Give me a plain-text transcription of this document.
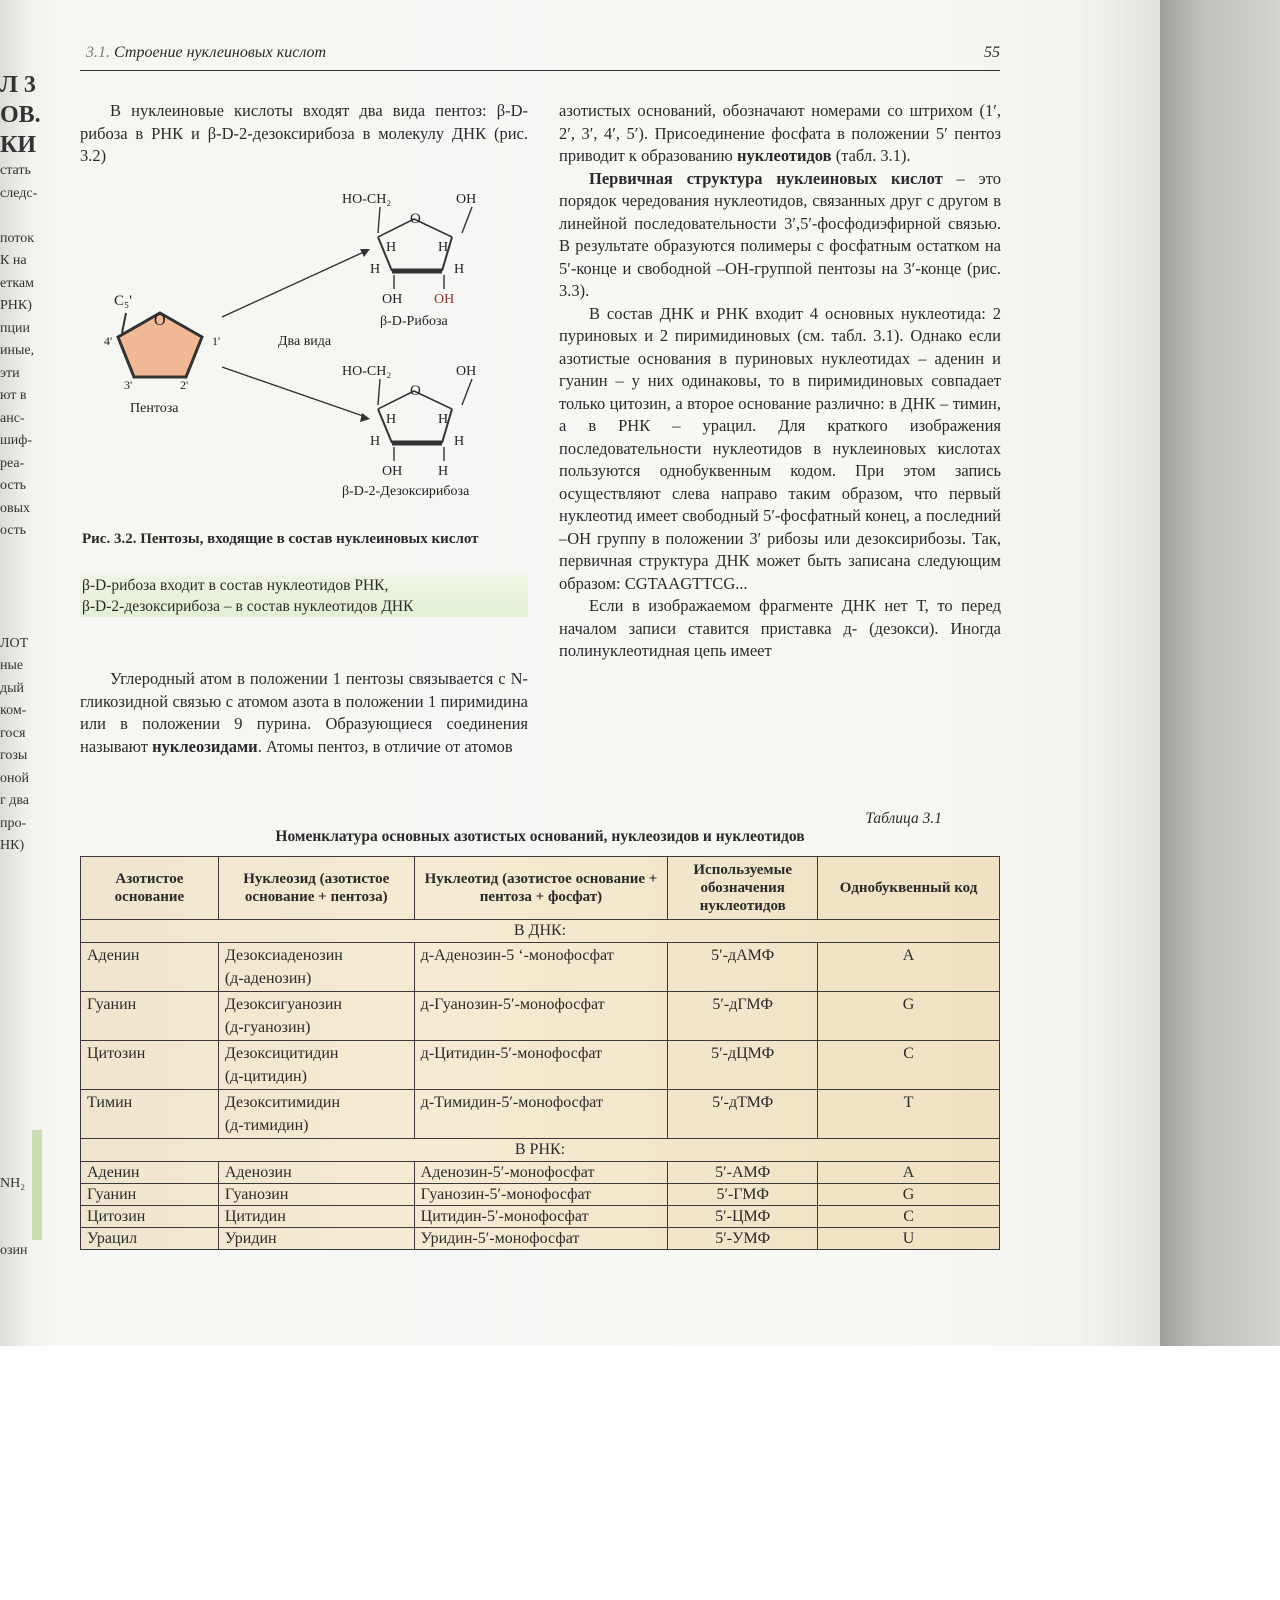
Л 3
ОВ.
КИ
стать
следс-

поток
К на
еткам
РНК)
пции
иные,
эти
ют в
анс-
шиф-
реа-
ость
овых
ость

ЛОТ
ные
дый
ком-
гося
гозы
оной
г два
про-
НК)

NH₂

озин
3.1. Строение нуклеиновых кислот	55

В нуклеиновые кислоты входят два вида пентоз: β-D-рибоза в РНК и β-D-2-дезоксирибоза в молекулу ДНК (рис. 3.2)

O
C₅'
4'	1'
3'	2'
Пентоза
Два вида
HO-CH₂	OH
O
H	H
H	H
OH OH
β-D-Рибоза
HO-CH₂	OH
O
H	H
H	H
OH	H
β-D-2-Дезоксирибоза
Рис. 3.2. Пентозы, входящие в состав нуклеиновых кислот

β-D-рибоза входит в состав нуклеотидов РНК,

β-D-2-дезоксирибоза – в состав нуклеотидов ДНК

Углеродный атом в положении 1 пентозы связывается с N-гликозидной связью с атомом азота в положении 1 пиримидина или в положении 9 пурина. Образующиеся соединения называют нуклеозидами. Атомы пентоз, в отличие от атомов

азотистых оснований, обозначают номерами со штрихом (1′, 2′, 3′, 4′, 5′). Присоединение фосфата в положении 5′ пентоз приводит к образованию нуклеотидов (табл. 3.1).

Первичная структура нуклеиновых кислот – это порядок чередования нуклеотидов, связанных друг с другом в линейной последовательности 3′,5′-фосфодиэфирной связью. В результате образуются полимеры с фосфатным остатком на 5′-конце и свободной –ОН-группой пентозы на 3′-конце (рис. 3.3).

В состав ДНК и РНК входит 4 основных нуклеотида: 2 пуриновых и 2 пиримидиновых (см. табл. 3.1). Однако если азотистые основания в пуриновых нуклеотидах – аденин и гуанин – у них одинаковы, то в пиримидиновых совпадает только цитозин, а второе основание различно: в ДНК – тимин, а в РНК – урацил. Для краткого изображения последовательности нуклеотидов в нуклеиновых кислотах пользуются однобуквенным кодом. При этом запись осуществляют слева направо таким образом, что первый нуклеотид имеет свободный 5′-фосфатный конец, а последний –ОН группу в положении 3′ рибозы или дезоксирибозы. Так, первичная структура ДНК может быть записана следующим образом: CGTAAGTTCG...

Если в изображаемом фрагменте ДНК нет Т, то перед началом записи ставится приставка д- (дезокси). Иногда полинуклеотидная цепь имеет

Таблица 3.1
Номенклатура основных азотистых оснований, нуклеозидов и нуклеотидов
Азотистое основание	Нуклеозид (азотистое основание + пентоза)	Нуклеотид (азотистое основание + пентоза + фосфат)	Используемые обозначения нуклеотидов	Однобуквенный код
В ДНК:				
Аденин	Дезоксиаденозин
(д-аденозин)	д-Аденозин-5 ‘-монофосфат	5′-дАМФ	A
Гуанин	Дезоксигуанозин
(д-гуанозин)	д-Гуанозин-5′-монофосфат	5′-дГМФ	G
Цитозин	Дезоксицитидин
(д-цитидин)	д-Цитидин-5′-монофосфат	5′-дЦМФ	C
Тимин	Дезокситимидин
(д-тимидин)	д-Тимидин-5′-монофосфат	5′-дТМФ	T
В РНК:				
Аденин	Аденозин	Аденозин-5′-монофосфат	5′-АМФ	A
Гуанин	Гуанозин	Гуанозин-5′-монофосфат	5′-ГМФ	G
Цитозин	Цитидин	Цитидин-5′-монофосфат	5′-ЦМФ	C
Урацил	Уридин	Уридин-5′-монофосфат	5′-УМФ	U
